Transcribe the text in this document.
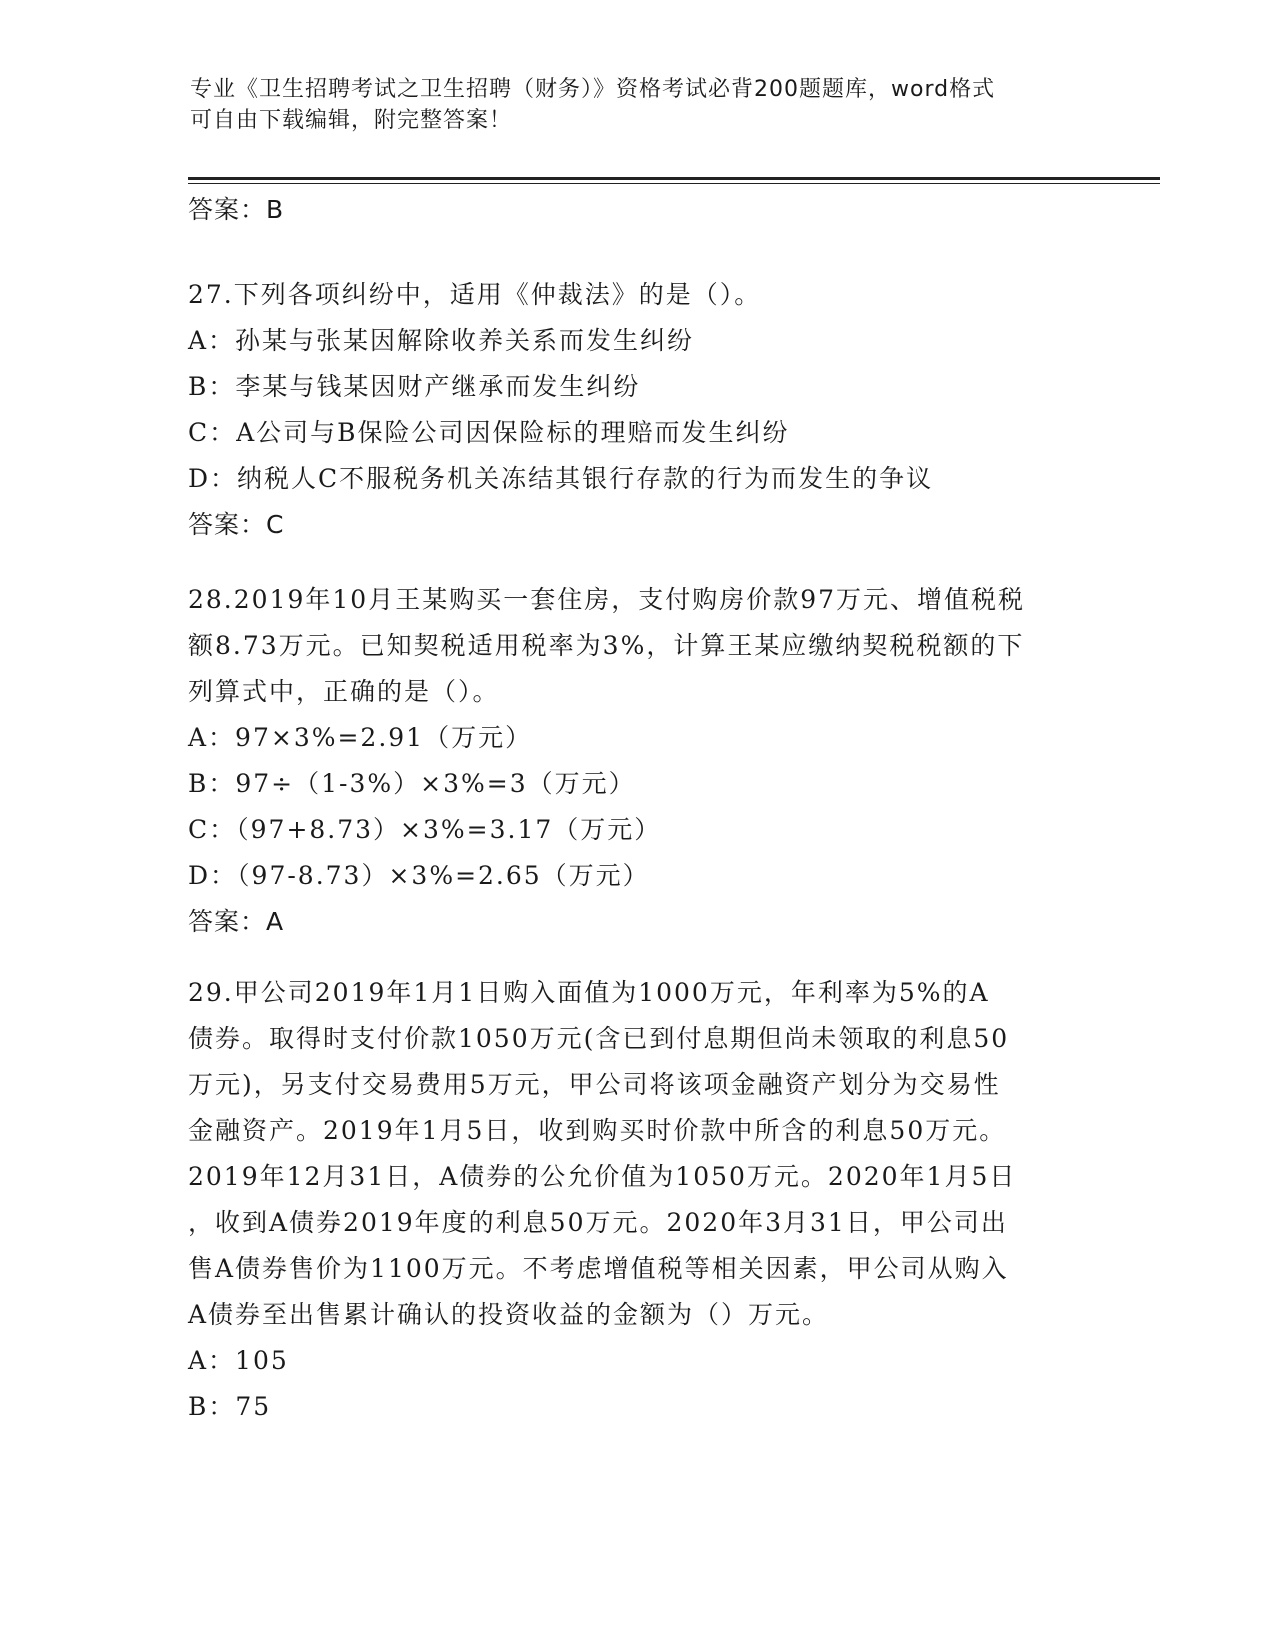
专业《卫生招聘考试之卫生招聘（财务）》资格考试必背200题题库，word格式
可自由下载编辑，附完整答案！
答案：B
27.下列各项纠纷中，适用《仲裁法》的是（）。
A：孙某与张某因解除收养关系而发生纠纷
B：李某与钱某因财产继承而发生纠纷
C：A公司与B保险公司因保险标的理赔而发生纠纷
D：纳税人C不服税务机关冻结其银行存款的行为而发生的争议
答案：C
28.2019年10月王某购买一套住房，支付购房价款97万元、增值税税
额8.73万元。已知契税适用税率为3%，计算王某应缴纳契税税额的下
列算式中，正确的是（）。
A：97×3%=2.91（万元）
B：97÷（1-3%）×3%=3（万元）
C：（97+8.73）×3%=3.17（万元）
D：（97-8.73）×3%=2.65（万元）
答案：A
29.甲公司2019年1月1日购入面值为1000万元，年利率为5%的A
债券。取得时支付价款1050万元(含已到付息期但尚未领取的利息50
万元)，另支付交易费用5万元，甲公司将该项金融资产划分为交易性
金融资产。2019年1月5日，收到购买时价款中所含的利息50万元。
2019年12月31日，A债券的公允价值为1050万元。2020年1月5日
，收到A债券2019年度的利息50万元。2020年3月31日，甲公司出
售A债券售价为1100万元。不考虑增值税等相关因素，甲公司从购入
A债券至出售累计确认的投资收益的金额为（）万元。
A：105
B：75
